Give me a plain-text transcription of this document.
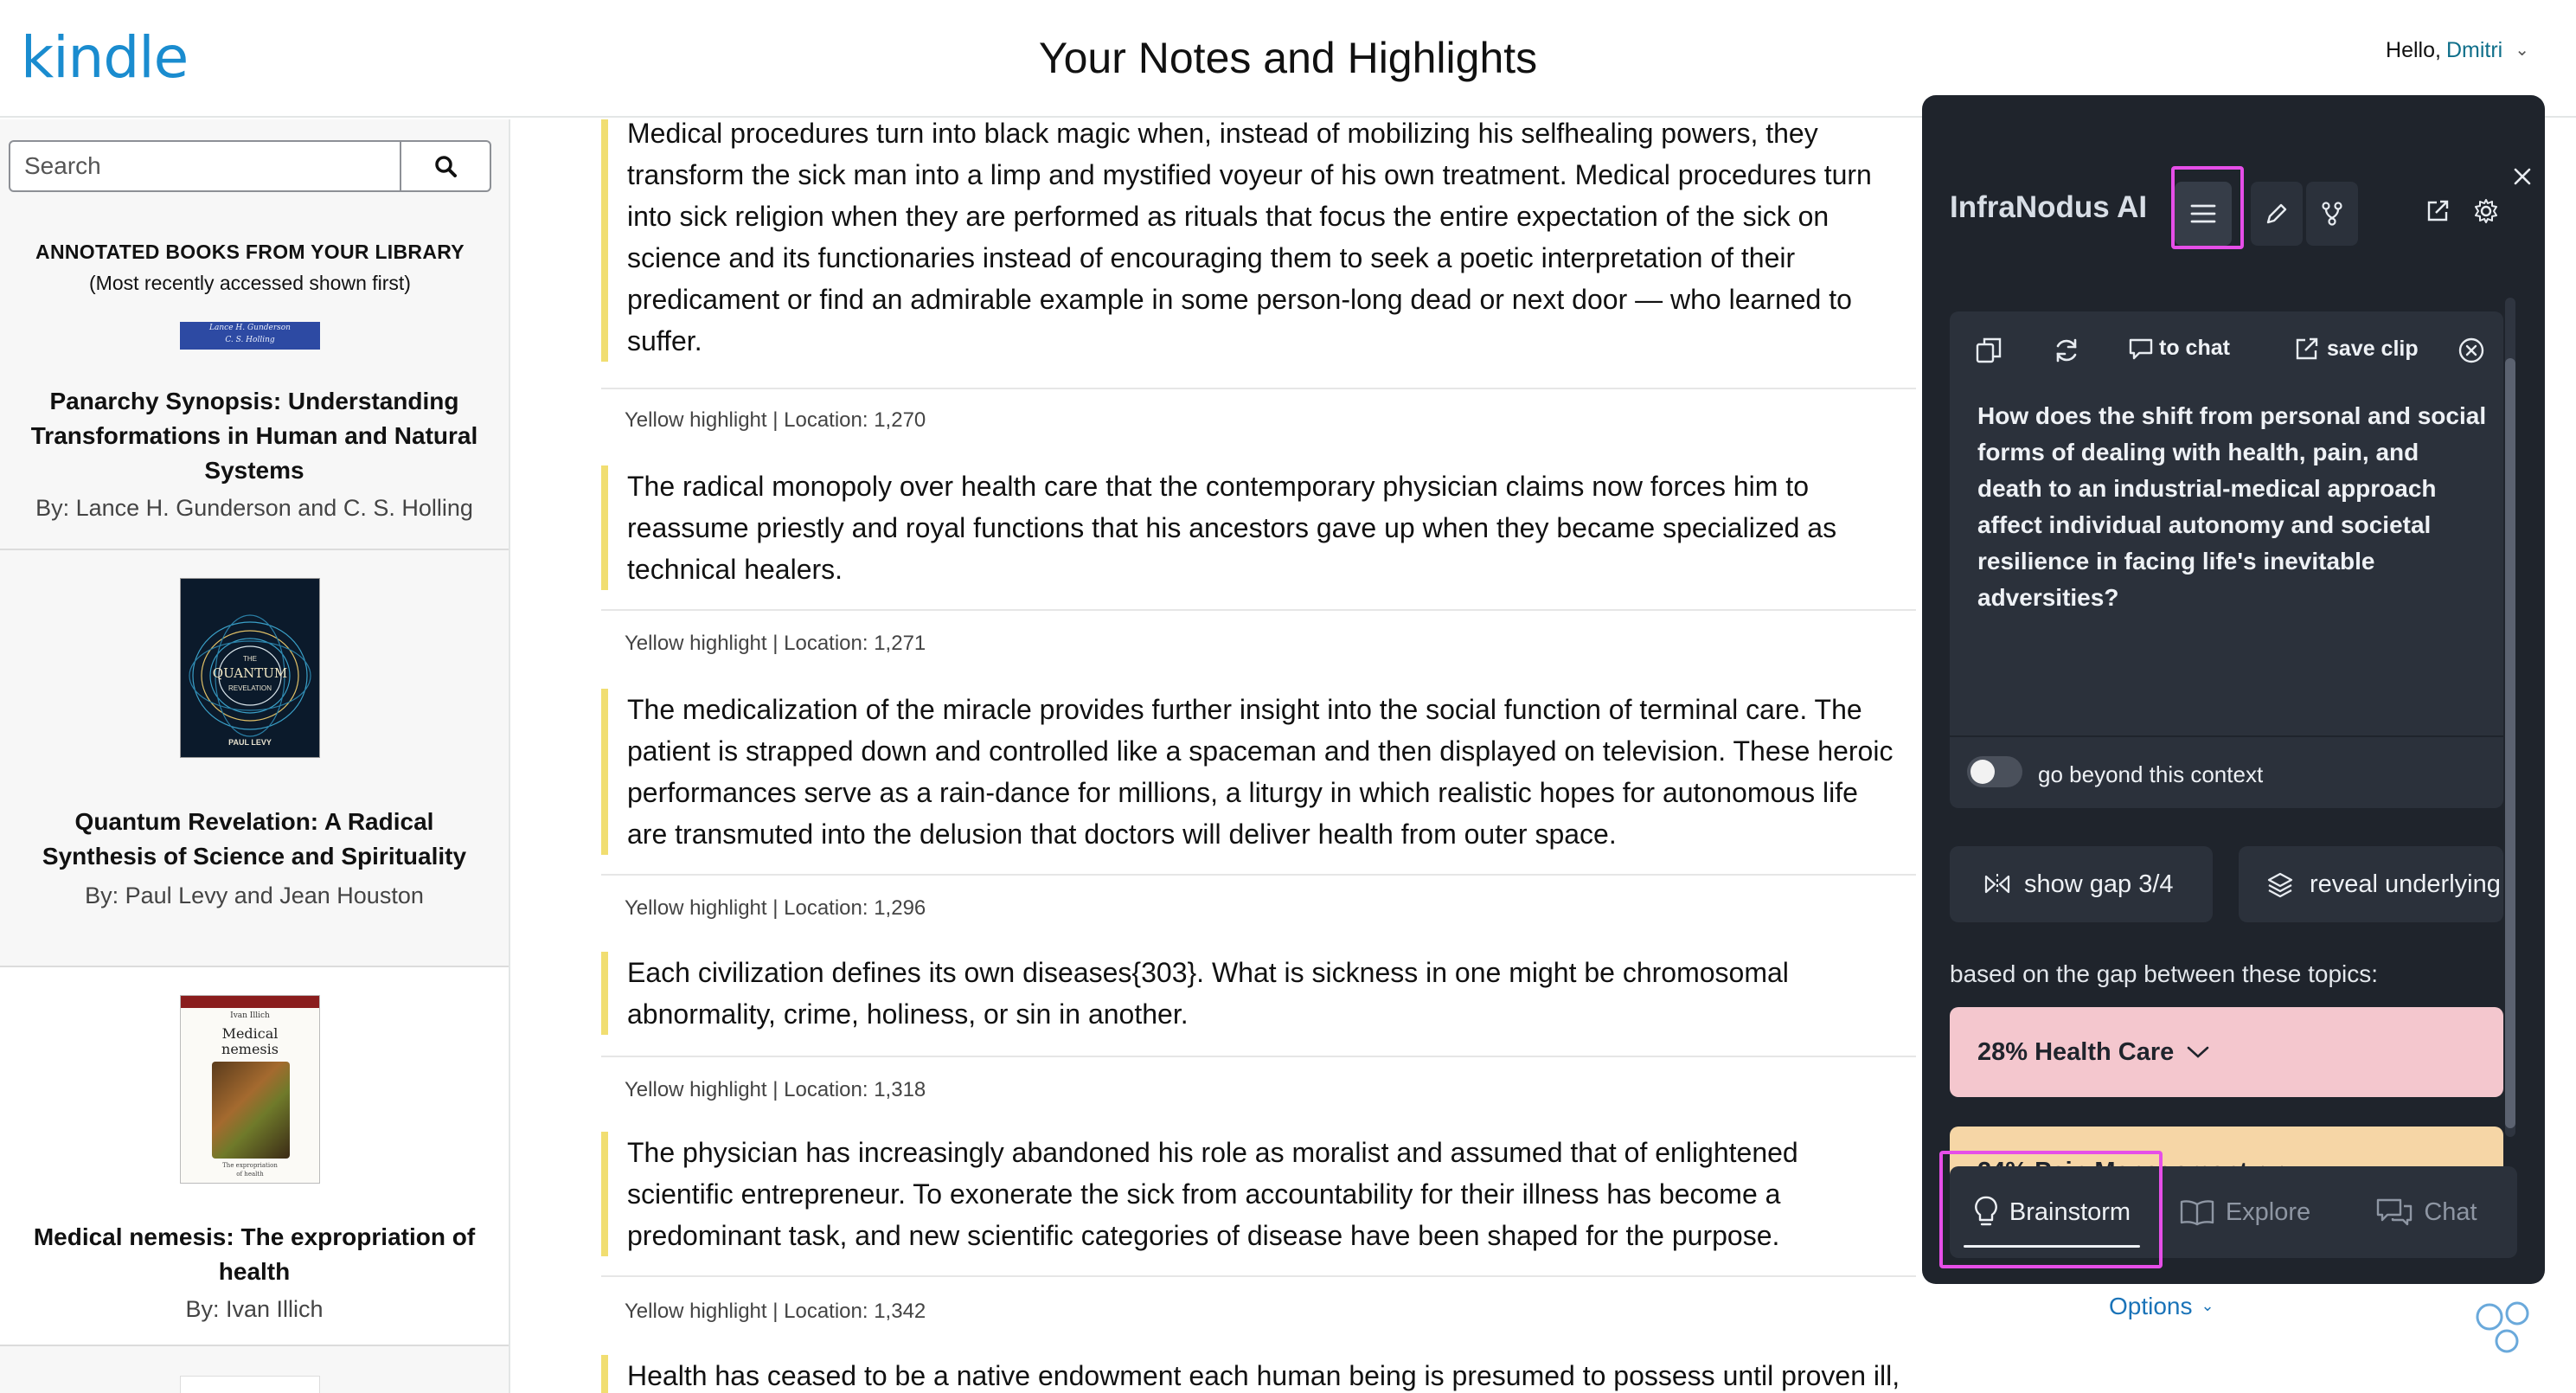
kindle	Your Notes and Highlights	Hello, Dmitri ⌄
Search
ANNOTATED BOOKS FROM YOUR LIBRARY
(Most recently accessed shown first)
Lance H. Gunderson
C. S. Holling
Panarchy Synopsis: Understanding Transformations in Human and Natural Systems
By: Lance H. Gunderson and C. S. Holling
THE
QUANTUM
REVELATION
PAUL LEVY
Quantum Revelation: A Radical Synthesis of Science and Spirituality
By: Paul Levy and Jean Houston
Ivan Illich
Medical
nemesis
The expropriation
of health
Medical nemesis: The expropriation of health
By: Ivan Illich
Medical procedures turn into black magic when, instead of mobilizing his selfhealing powers, they
transform the sick man into a limp and mystified voyeur of his own treatment. Medical procedures turn
into sick religion when they are performed as rituals that focus the entire expectation of the sick on
science and its functionaries instead of encouraging them to seek a poetic interpretation of their
predicament or find an admirable example in some person-long dead or next door — who learned to
suffer.
Yellow highlight | Location: 1,270
The radical monopoly over health care that the contemporary physician claims now forces him to
reassume priestly and royal functions that his ancestors gave up when they became specialized as
technical healers.
Yellow highlight | Location: 1,271
The medicalization of the miracle provides further insight into the social function of terminal care. The
patient is strapped down and controlled like a spaceman and then displayed on television. These heroic
performances serve as a rain-dance for millions, a liturgy in which realistic hopes for autonomous life
are transmuted into the delusion that doctors will deliver health from outer space.
Yellow highlight | Location: 1,296
Each civilization defines its own diseases{303}. What is sickness in one might be chromosomal
abnormality, crime, holiness, or sin in another.
Yellow highlight | Location: 1,318
The physician has increasingly abandoned his role as moralist and assumed that of enlightened
scientific entrepreneur. To exonerate the sick from accountability for their illness has become a
predominant task, and new scientific categories of disease have been shaped for the purpose.
Yellow highlight | Location: 1,342
Health has ceased to be a native endowment each human being is presumed to possess until proven ill,
InfraNodus AI
to chat	save clip
How does the shift from personal and social forms of dealing with health, pain, and death to an industrial-medical approach affect individual autonomy and societal resilience in facing life's inevitable adversities?
go beyond this context
show gap 3/4	reveal underlying
based on the gap between these topics:
28% Health Care
Brainstorm	Explore	Chat
Options ⌄
